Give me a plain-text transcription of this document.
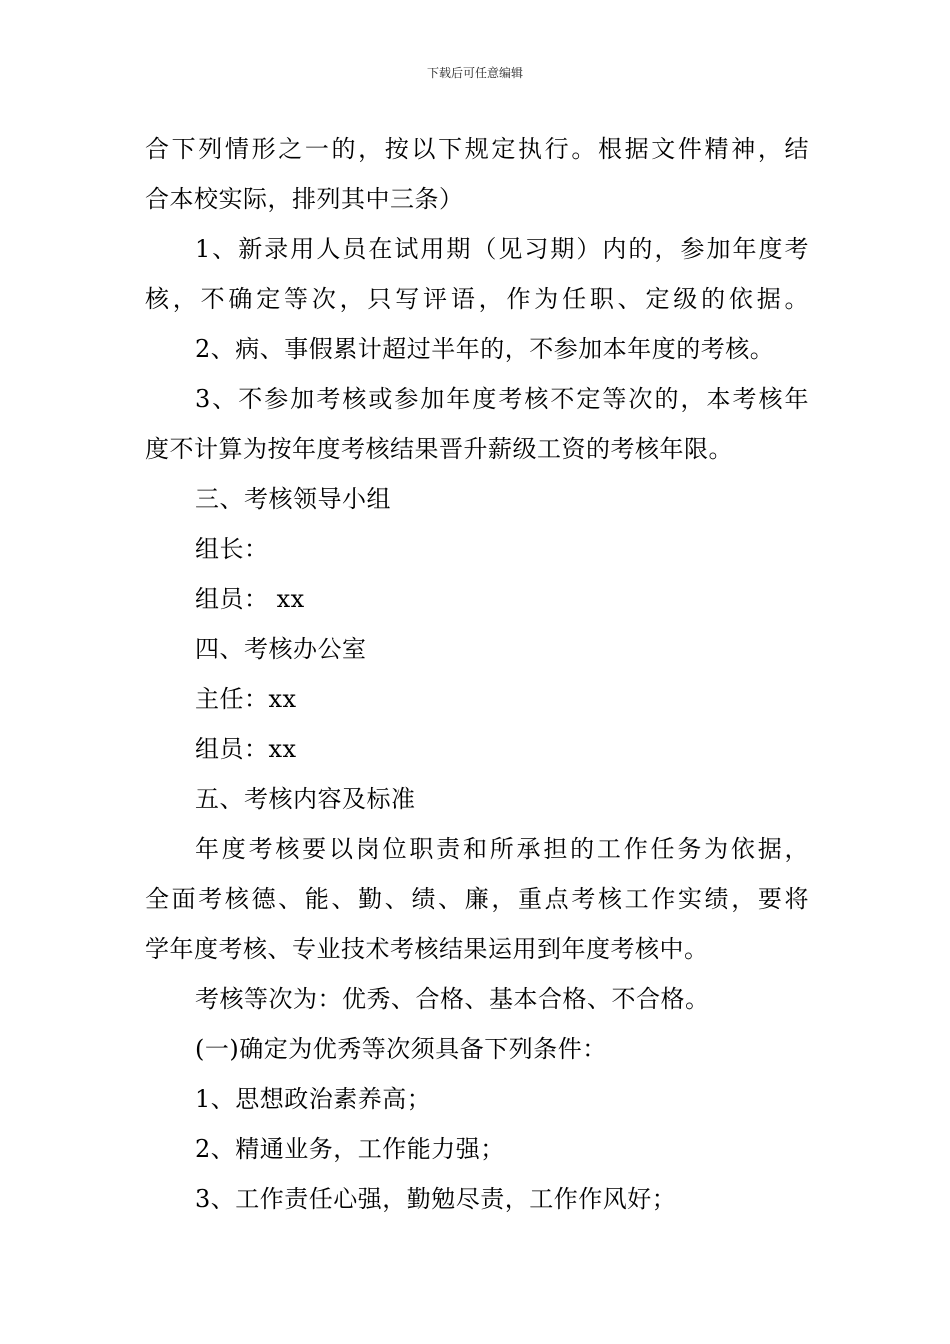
下载后可任意编辑
合下列情形之一的，按以下规定执行。根据文件精神，结
合本校实际，排列其中三条）
1、新录用人员在试用期（见习期）内的，参加年度考
核，不确定等次，只写评语，作为任职、定级的依据。
2、病、事假累计超过半年的，不参加本年度的考核。
3、不参加考核或参加年度考核不定等次的，本考核年
度不计算为按年度考核结果晋升薪级工资的考核年限。
三、考核领导小组
组长：
组员： xx
四、考核办公室
主任：xx
组员：xx
五、考核内容及标准
年度考核要以岗位职责和所承担的工作任务为依据，
全面考核德、能、勤、绩、廉，重点考核工作实绩，要将
学年度考核、专业技术考核结果运用到年度考核中。
考核等次为：优秀、合格、基本合格、不合格。
(一)确定为优秀等次须具备下列条件：
1、思想政治素养高；
2、精通业务，工作能力强；
3、工作责任心强，勤勉尽责，工作作风好；
